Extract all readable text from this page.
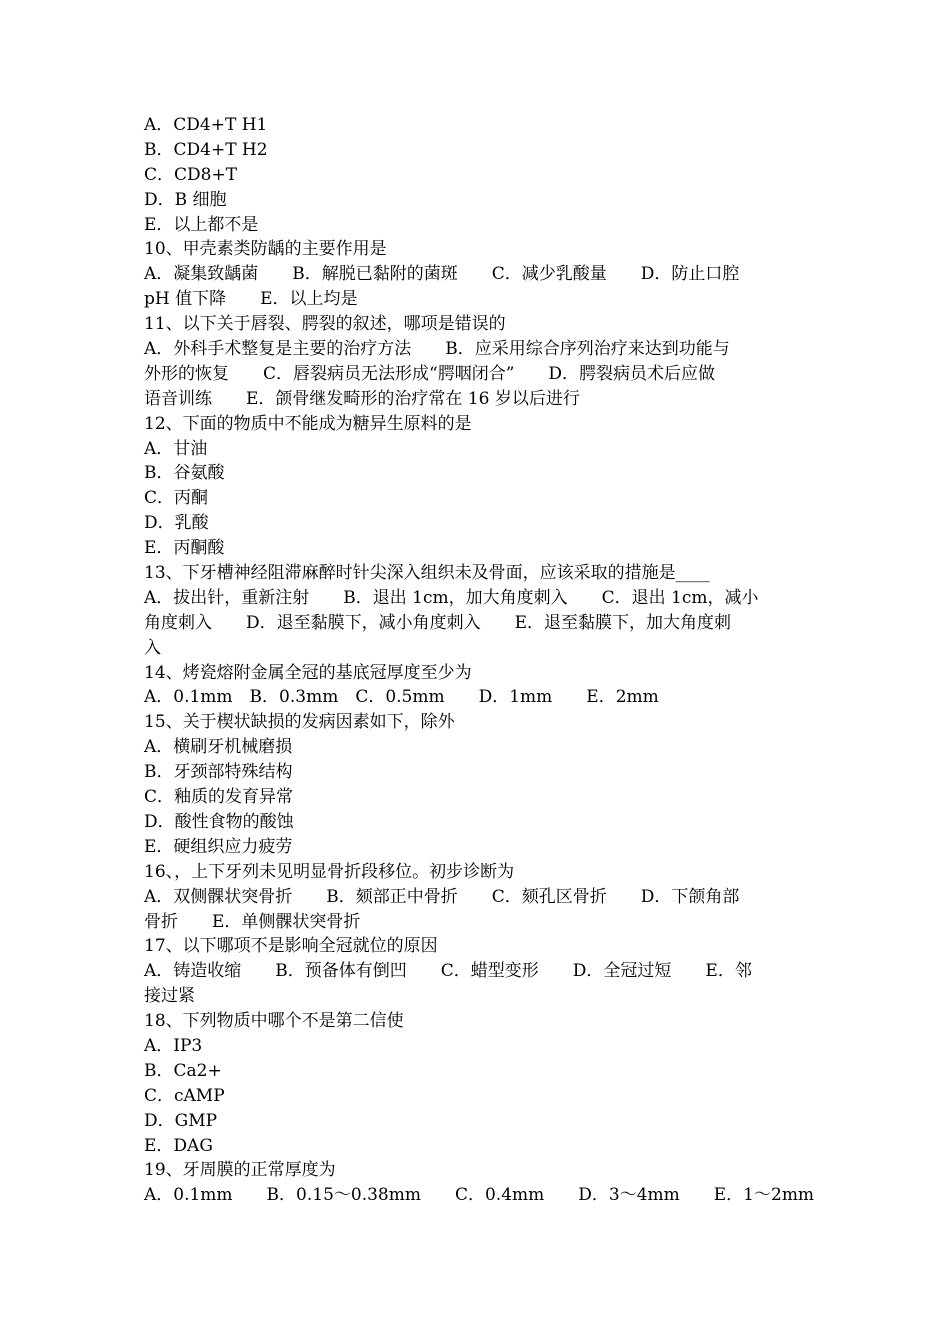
A．CD4+T H1
B．CD4+T H2
C．CD8+T
D．B 细胞
E．以上都不是
10、甲壳素类防龋的主要作用是
A．凝集致龋菌　　B．解脱已黏附的菌斑　　C．减少乳酸量　　D．防止口腔
pH 值下降　　E．以上均是
11、以下关于唇裂、腭裂的叙述，哪项是错误的
A．外科手术整复是主要的治疗方法　　B．应采用综合序列治疗来达到功能与
外形的恢复　　C．唇裂病员无法形成“腭咽闭合”　　D．腭裂病员术后应做
语音训练　　E．颌骨继发畸形的治疗常在 16 岁以后进行
12、下面的物质中不能成为糖异生原料的是
A．甘油
B．谷氨酸
C．丙酮
D．乳酸
E．丙酮酸
13、下牙槽神经阻滞麻醉时针尖深入组织未及骨面，应该采取的措施是____
A．拔出针，重新注射　　B．退出 1cm，加大角度刺入　　C．退出 1cm，减小
角度刺入　　D．退至黏膜下，减小角度刺入　　E．退至黏膜下，加大角度刺
入
14、烤瓷熔附金属全冠的基底冠厚度至少为
A．0.1mm　B．0.3mm　C．0.5mm　　D．1mm　　E．2mm
15、关于楔状缺损的发病因素如下，除外
A．横刷牙机械磨损
B．牙颈部特殊结构
C．釉质的发育异常
D．酸性食物的酸蚀
E．硬组织应力疲劳
16、，上下牙列未见明显骨折段移位。初步诊断为
A．双侧髁状突骨折　　B．颏部正中骨折　　C．颏孔区骨折　　D．下颌角部
骨折　　E．单侧髁状突骨折
17、以下哪项不是影响全冠就位的原因
A．铸造收缩　　B．预备体有倒凹　　C．蜡型变形　　D．全冠过短　　E．邻
接过紧
18、下列物质中哪个不是第二信使
A．IP3
B．Ca2+
C．cAMP
D．GMP
E．DAG
19、牙周膜的正常厚度为
A．0.1mm　　B．0.15～0.38mm　　C．0.4mm　　D．3～4mm　　E．1～2mm
